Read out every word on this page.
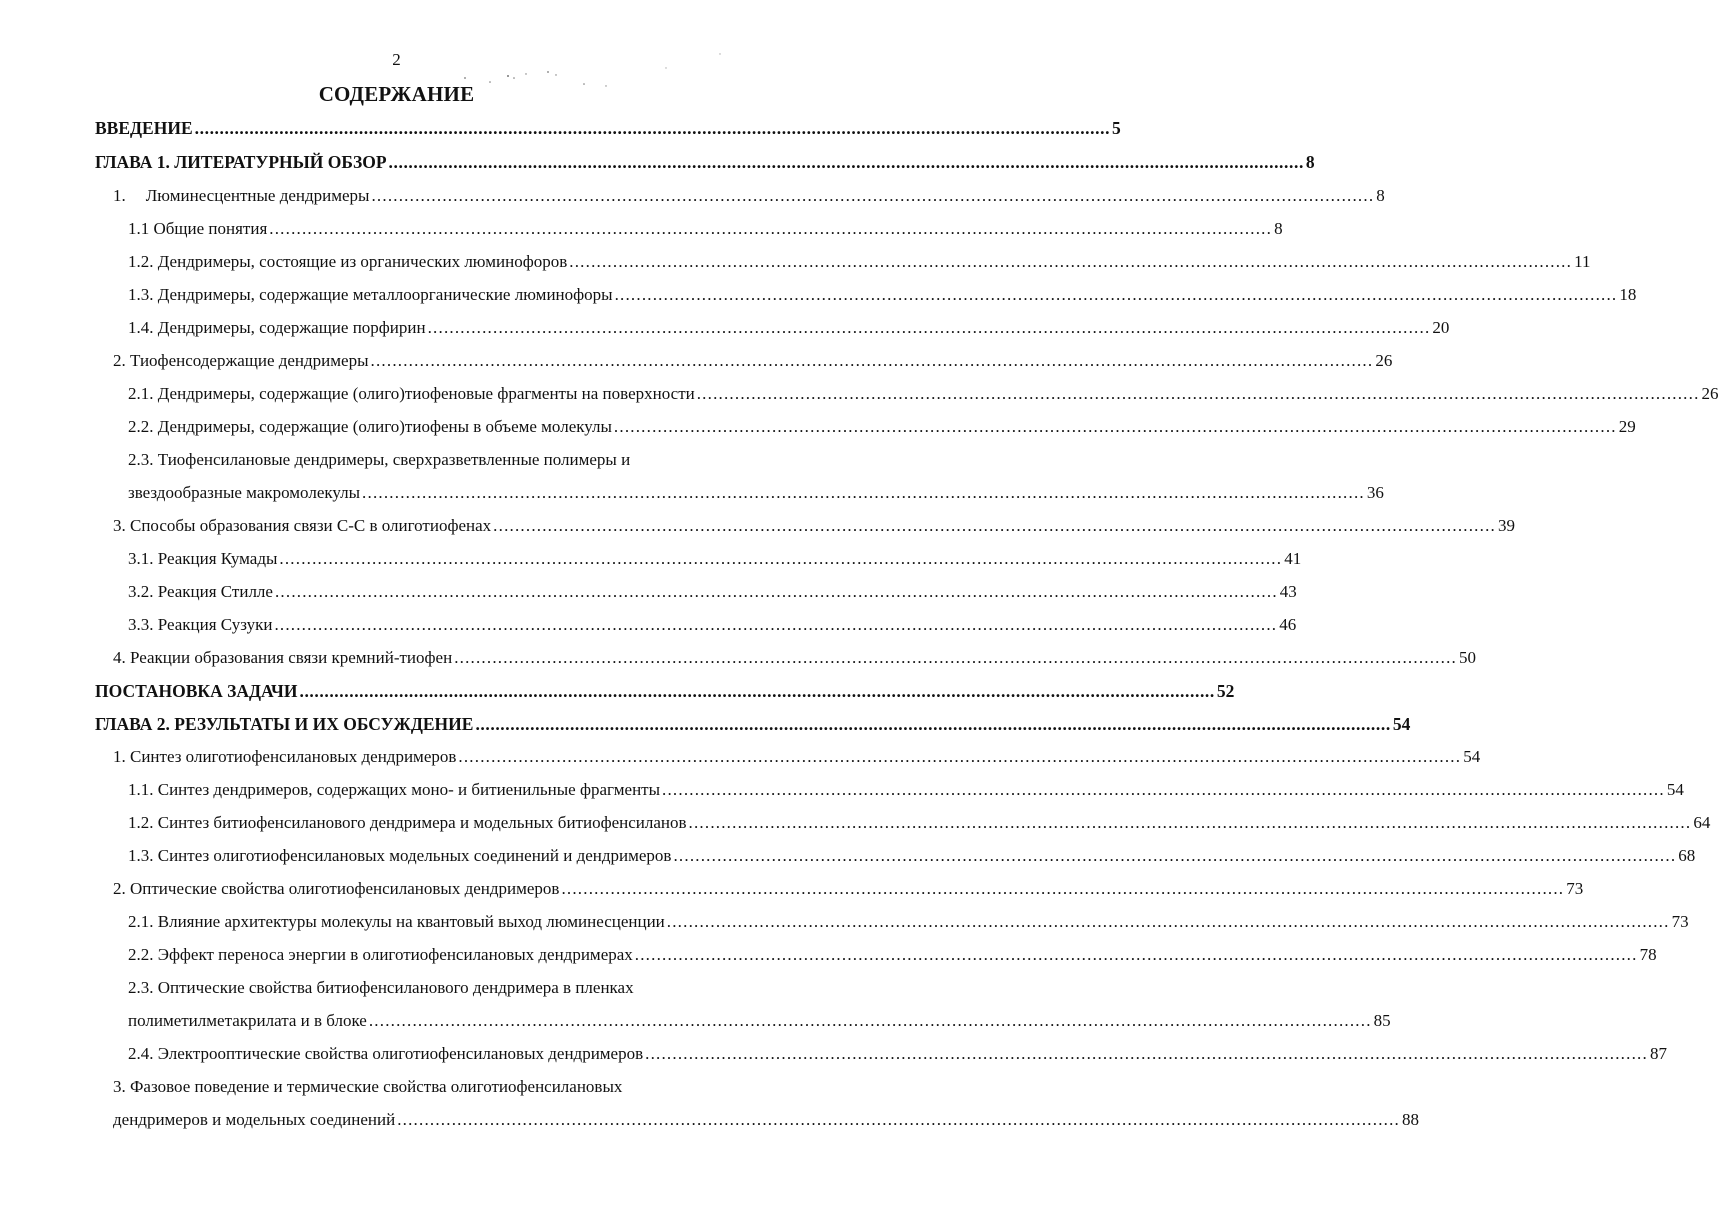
2
СОДЕРЖАНИЕ
ВВЕДЕНИЕ ........................................................................................................................................................................................ 5
ГЛАВА 1. ЛИТЕРАТУРНЫЙ ОБЗОР ........................................................................................................................................................................................ 8
1. Люминесцентные дендримеры ........................................................................................................................................................................................ 8
1.1 Общие понятия ........................................................................................................................................................................................ 8
1.2. Дендримеры, состоящие из органических люминофоров ........................................................................................................................................................................................ 11
1.3. Дендримеры, содержащие металлоорганические люминофоры ........................................................................................................................................................................................ 18
1.4. Дендримеры, содержащие порфирин ........................................................................................................................................................................................ 20
2. Тиофенсодержащие дендримеры ........................................................................................................................................................................................ 26
2.1. Дендримеры, содержащие (олиго)тиофеновые фрагменты на поверхности ........................................................................................................................................................................................ 26
2.2. Дендримеры, содержащие (олиго)тиофены в объеме молекулы ........................................................................................................................................................................................ 29
2.3. Тиофенсилановые дендримеры, сверхразветвленные полимеры и
звездообразные макромолекулы ........................................................................................................................................................................................ 36
3. Способы образования связи С-С в олиготиофенах ........................................................................................................................................................................................ 39
3.1. Реакция Кумады ........................................................................................................................................................................................ 41
3.2. Реакция Стилле ........................................................................................................................................................................................ 43
3.3. Реакция Сузуки ........................................................................................................................................................................................ 46
4. Реакции образования связи кремний-тиофен ........................................................................................................................................................................................ 50
ПОСТАНОВКА ЗАДАЧИ ........................................................................................................................................................................................ 52
ГЛАВА 2. РЕЗУЛЬТАТЫ И ИХ ОБСУЖДЕНИЕ ........................................................................................................................................................................................ 54
1. Синтез олиготиофенсилановых дендримеров ........................................................................................................................................................................................ 54
1.1. Синтез дендримеров, содержащих моно- и битиенильные фрагменты ........................................................................................................................................................................................ 54
1.2. Синтез битиофенсиланового дендримера и модельных битиофенсиланов ........................................................................................................................................................................................ 64
1.3. Синтез олиготиофенсилановых модельных соединений и дендримеров ........................................................................................................................................................................................ 68
2. Оптические свойства олиготиофенсилановых дендримеров ........................................................................................................................................................................................ 73
2.1. Влияние архитектуры молекулы на квантовый выход люминесценции ........................................................................................................................................................................................ 73
2.2. Эффект переноса энергии в олиготиофенсилановых дендримерах ........................................................................................................................................................................................ 78
2.3. Оптические свойства битиофенсиланового дендримера в пленках
полиметилметакрилата и в блоке ........................................................................................................................................................................................ 85
2.4. Электрооптические свойства олиготиофенсилановых дендримеров ........................................................................................................................................................................................ 87
3. Фазовое поведение и термические свойства олиготиофенсилановых
дендримеров и модельных соединений ........................................................................................................................................................................................ 88
